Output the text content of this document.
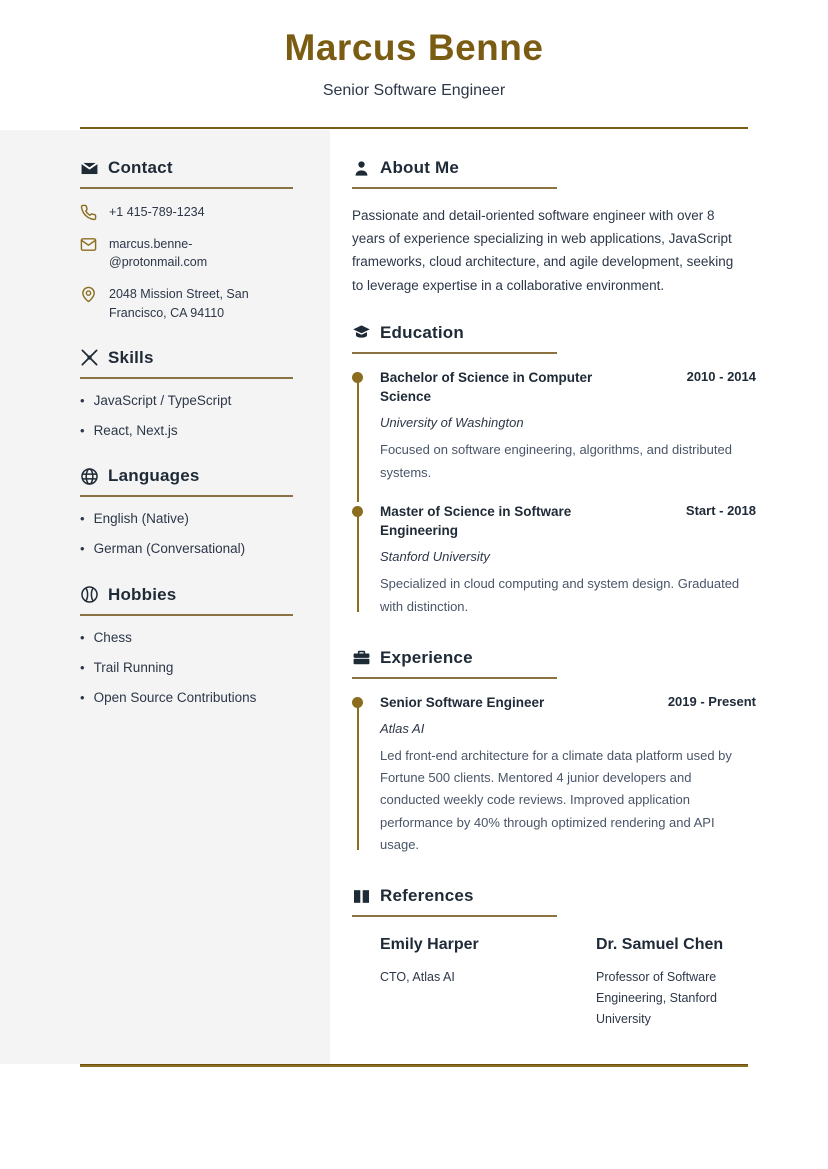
Marcus Benne
Senior Software Engineer
Contact
+1 415-789-1234
marcus.benne-@protonmail.com
2048 Mission Street, San Francisco, CA 94110
Skills
• JavaScript / TypeScript
• React, Next.js
Languages
• English (Native)
• German (Conversational)
Hobbies
• Chess
• Trail Running
• Open Source Contributions
About Me
Passionate and detail-oriented software engineer with over 8 years of experience specializing in web applications, JavaScript frameworks, cloud architecture, and agile development, seeking to leverage expertise in a collaborative environment.
Education
Bachelor of Science in Computer Science
2010 - 2014
University of Washington
Focused on software engineering, algorithms, and distributed systems.
Master of Science in Software Engineering
Start - 2018
Stanford University
Specialized in cloud computing and system design. Graduated with distinction.
Experience
Senior Software Engineer	2019 - Present
Atlas AI
Led front-end architecture for a climate data platform used by Fortune 500 clients. Mentored 4 junior developers and conducted weekly code reviews. Improved application performance by 40% through optimized rendering and API usage.
References
Emily Harper
CTO, Atlas AI
Dr. Samuel Chen
Professor of Software Engineering, Stanford University
